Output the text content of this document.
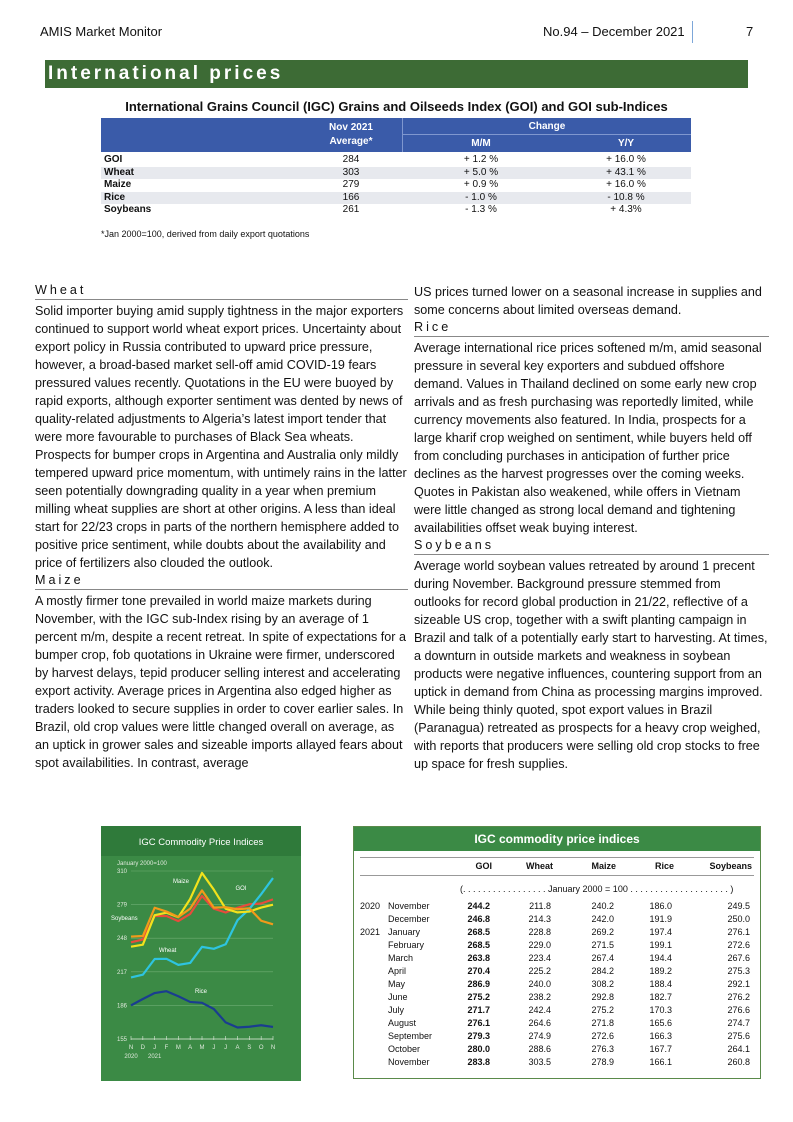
AMIS Market Monitor	No.94 – December 2021	7
International prices
International Grains Council (IGC) Grains and Oilseeds Index (GOI) and GOI sub-Indices
Nov 2021
Average*
Change
M/M	Y/Y
GOI	284	+ 1.2 %	+ 16.0 %
Wheat	303	+ 5.0 %	+ 43.1 %
Maize	279	+ 0.9 %	+ 16.0 %
Rice	166	- 1.0 %	- 10.8 %
Soybeans	261	- 1.3 %	+ 4.3%
*Jan 2000=100, derived from daily export quotations

Wheat

Solid importer buying amid supply tightness in the major exporters continued to support world wheat export prices. Uncertainty about export policy in Russia contributed to upward price pressure, however, a broad-based market sell-off amid COVID-19 fears pressured values recently. Quotations in the EU were buoyed by rapid exports, although exporter sentiment was dented by news of quality-related adjustments to Algeria’s latest import tender that were more favourable to purchases of Black Sea wheats. Prospects for bumper crops in Argentina and Australia only mildly tempered upward price momentum, with untimely rains in the latter seen potentially downgrading quality in a year when premium milling wheat supplies are short at other origins. A less than ideal start for 22/23 crops in parts of the northern hemisphere added to positive price sentiment, while doubts about the availability and price of fertilizers also clouded the outlook.

Maize

A mostly firmer tone prevailed in world maize markets during November, with the IGC sub-Index rising by an average of 1 percent m/m, despite a recent retreat. In spite of expectations for a bumper crop, fob quotations in Ukraine were firmer, underscored by harvest delays, tepid producer selling interest and accelerating export activity. Average prices in Argentina also edged higher as traders looked to secure supplies in order to cover earlier sales. In Brazil, old crop values were little changed overall on average, as an uptick in grower sales and sizeable imports allayed fears about spot availabilities. In contrast, average

US prices turned lower on a seasonal increase in supplies and some concerns about limited overseas demand.

Rice

Average international rice prices softened m/m, amid seasonal pressure in several key exporters and subdued offshore demand. Values in Thailand declined on some early new crop arrivals and as fresh purchasing was reportedly limited, while currency movements also featured. In India, prospects for a large kharif crop weighed on sentiment, while buyers held off from concluding purchases in anticipation of further price declines as the harvest progresses over the coming weeks. Quotes in Pakistan also weakened, while offers in Vietnam were little changed as strong local demand and tightening availabilities offset weak buying interest.

Soybeans

Average world soybean values retreated by around 1 precent during November. Background pressure stemmed from outlooks for record global production in 21/22, reflective of a sizeable US crop, together with a swift planting campaign in Brazil and talk of a potentially early start to harvesting. At times, a downturn in outside markets and weakness in soybean products were negative influences, countering support from an uptick in demand from China as processing margins improved. While being thinly quoted, spot export values in Brazil (Paranagua) retreated as prospects for a heavy crop weighed, with reports that producers were selling old crop stocks to free up space for fresh supplies.

IGC Commodity Price Indices
January 2000=100
155
186
217
248
279
310
N D J F M A M J J A S O N
2020 2021
Maize
GOI
Soybeans
Wheat
Rice
IGC commodity price indices
GOI	Wheat	Maize	Rice	Soybeans
(. . . . . . . . . . . . . . . . . January 2000 = 100 . . . . . . . . . . . . . . . . . . . . )
2020 November	244.2	211.8	240.2	186.0	249.5
December	246.8	214.3	242.0	191.9	250.0
2021 January	268.5	228.8	269.2	197.4	276.1
February	268.5	229.0	271.5	199.1	272.6
March	263.8	223.4	267.4	194.4	267.6
April	270.4	225.2	284.2	189.2	275.3
May	286.9	240.0	308.2	188.4	292.1
June	275.2	238.2	292.8	182.7	276.2
July	271.7	242.4	275.2	170.3	276.6
August	276.1	264.6	271.8	165.6	274.7
September	279.3	274.9	272.6	166.3	275.6
October	280.0	288.6	276.3	167.7	264.1
November	283.8	303.5	278.9	166.1	260.8
